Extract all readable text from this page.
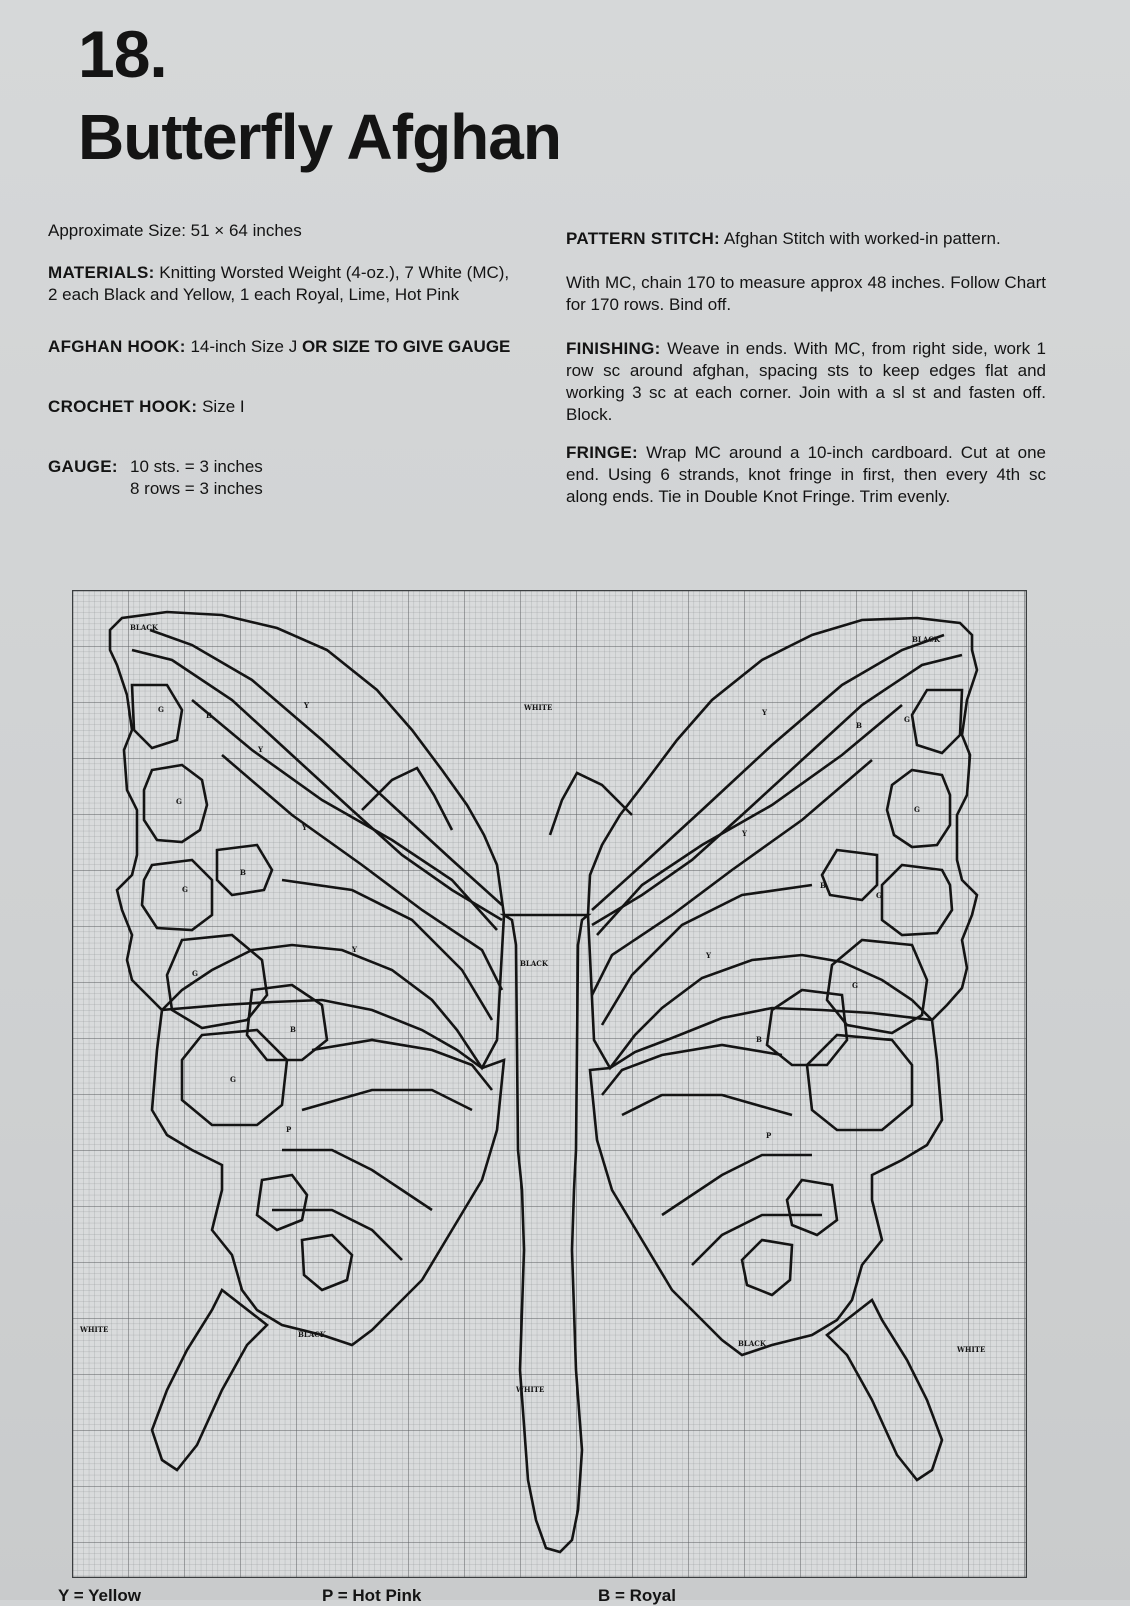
18.
Butterfly Afghan

Approximate Size: 51 × 64 inches

MATERIALS: Knitting Worsted Weight (4-oz.), 7 White (MC), 2 each Black and Yellow, 1 each Royal, Lime, Hot Pink

AFGHAN HOOK: 14-inch Size J OR SIZE TO GIVE GAUGE

CROCHET HOOK: Size I

GAUGE: 10 sts. = 3 inches
8 rows = 3 inches

PATTERN STITCH: Afghan Stitch with worked-in pattern.

With MC, chain 170 to measure approx 48 inches. Follow Chart for 170 rows. Bind off.

FINISHING: Weave in ends. With MC, from right side, work 1 row sc around afghan, spacing sts to keep edges flat and working 3 sc at each corner. Join with a sl st and fasten off. Block.

FRINGE: Wrap MC around a 10-inch cardboard. Cut at one end. Using 6 strands, knot fringe in first, then every 4th sc along ends. Tie in Double Knot Fringe. Trim evenly.

BLACK
BLACK
BLACK
BLACK
BLACK
WHITE
WHITE
WHITE
WHITE
Y
Y
Y
Y
Y
Y
Y
B
B
B
B
B
B
G
G
G
G
G
G
G
G
G
P
P
Y = Yellow	P = Hot Pink	B = Royal
